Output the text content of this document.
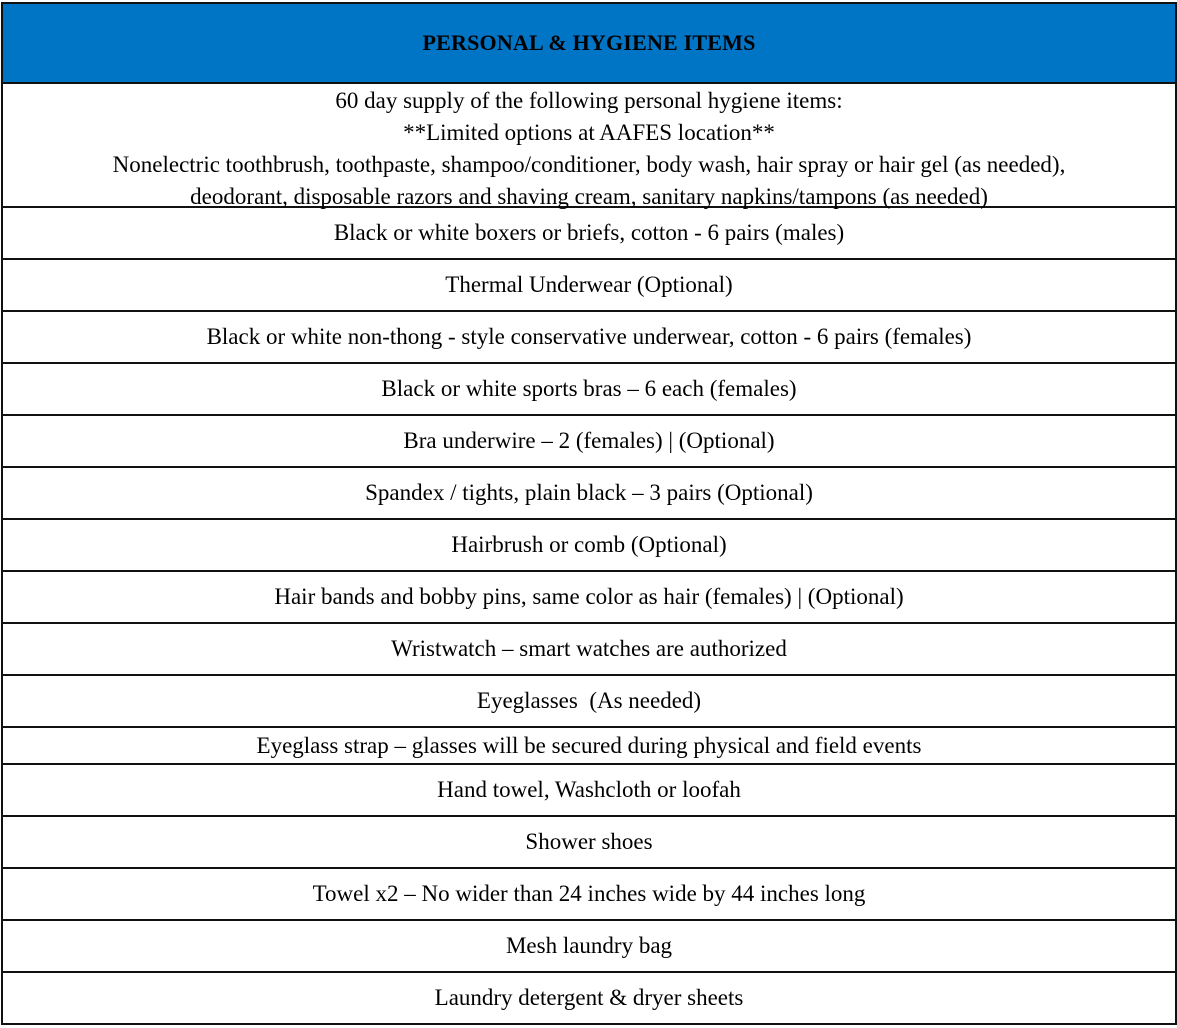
PERSONAL & HYGIENE ITEMS
60 day supply of the following personal hygiene items:
**Limited options at AAFES location**
Nonelectric toothbrush, toothpaste, shampoo/conditioner, body wash, hair spray or hair gel (as needed),
deodorant, disposable razors and shaving cream, sanitary napkins/tampons (as needed)
Black or white boxers or briefs, cotton - 6 pairs (males)
Thermal Underwear (Optional)
Black or white non-thong - style conservative underwear, cotton - 6 pairs (females)
Black or white sports bras – 6 each (females)
Bra underwire – 2 (females) | (Optional)
Spandex / tights, plain black – 3 pairs (Optional)
Hairbrush or comb (Optional)
Hair bands and bobby pins, same color as hair (females) | (Optional)
Wristwatch – smart watches are authorized
Eyeglasses  (As needed)
Eyeglass strap – glasses will be secured during physical and field events
Hand towel, Washcloth or loofah
Shower shoes
Towel x2 – No wider than 24 inches wide by 44 inches long
Mesh laundry bag
Laundry detergent & dryer sheets
